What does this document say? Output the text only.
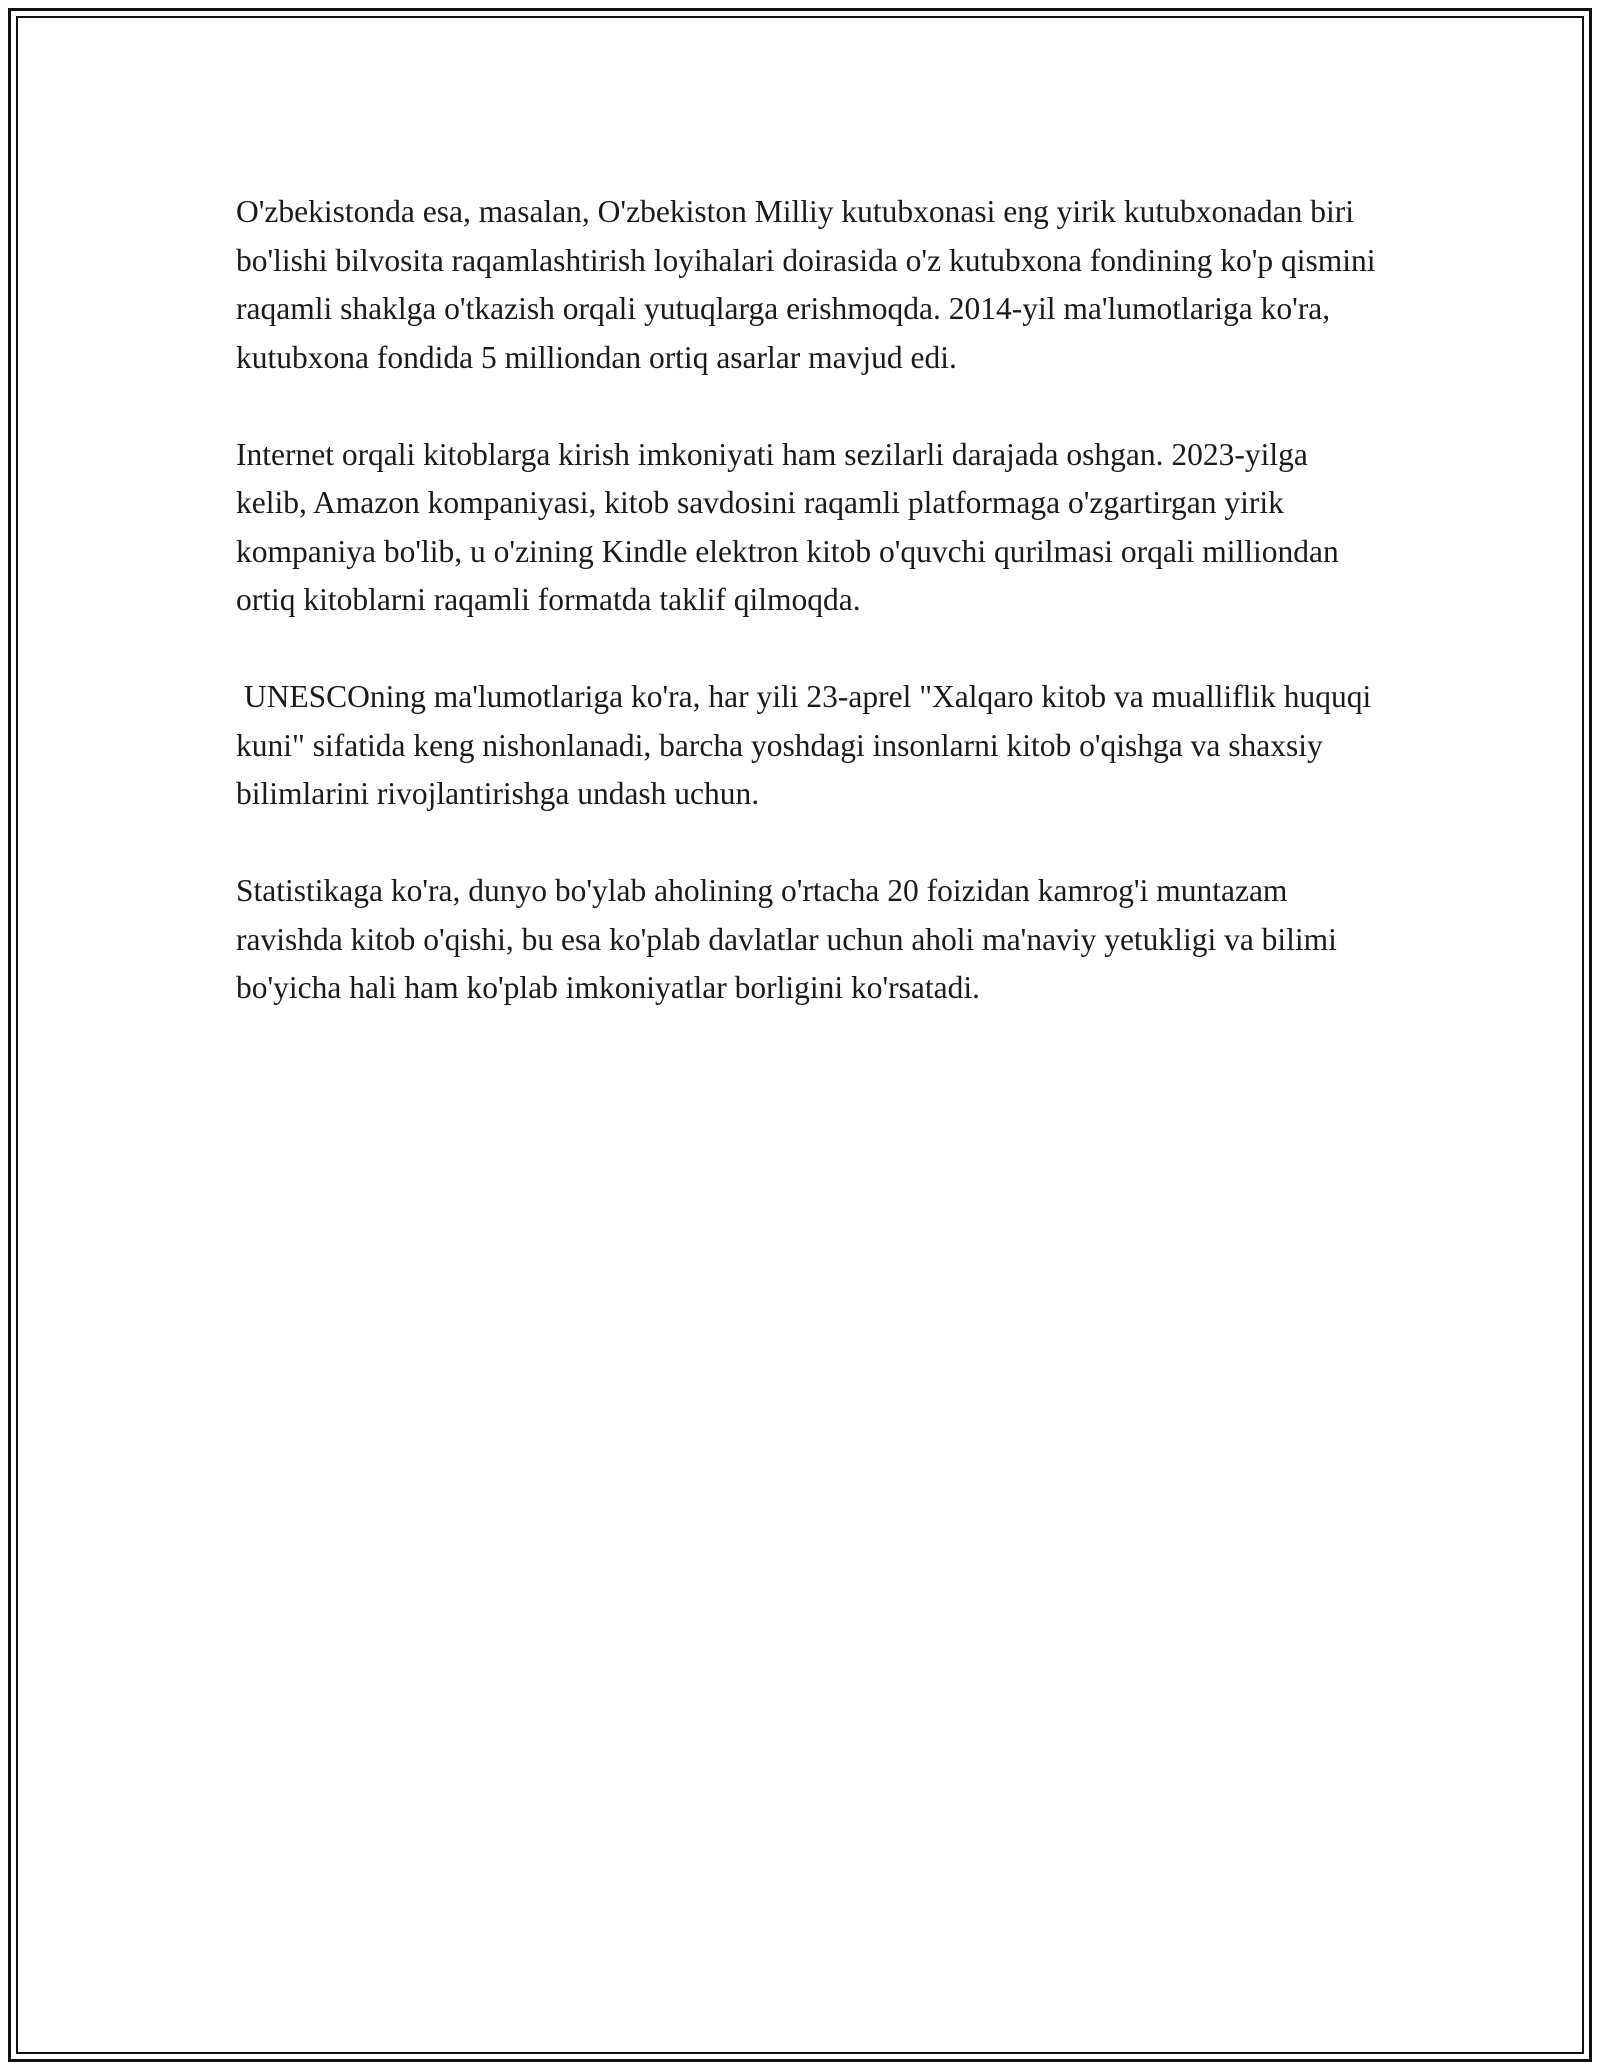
O'zbekistonda esa, masalan, O'zbekiston Milliy kutubxonasi eng yirik kutubxonadan biri bo'lishi bilvosita raqamlashtirish loyihalari doirasida o'z kutubxona fondining ko'p qismini raqamli shaklga o'tkazish orqali yutuqlarga erishmoqda. 2014-yil ma'lumotlariga ko'ra, kutubxona fondida 5 milliondan ortiq asarlar mavjud edi.

Internet orqali kitoblarga kirish imkoniyati ham sezilarli darajada oshgan. 2023-yilga kelib, Amazon kompaniyasi, kitob savdosini raqamli platformaga o'zgartirgan yirik kompaniya bo'lib, u o'zining Kindle elektron kitob o'quvchi qurilmasi orqali milliondan ortiq kitoblarni raqamli formatda taklif qilmoqda.

UNESCOning ma'lumotlariga ko'ra, har yili 23-aprel "Xalqaro kitob va mualliflik huquqi kuni" sifatida keng nishonlanadi, barcha yoshdagi insonlarni kitob o'qishga va shaxsiy bilimlarini rivojlantirishga undash uchun.

Statistikaga ko'ra, dunyo bo'ylab aholining o'rtacha 20 foizidan kamrog'i muntazam ravishda kitob o'qishi, bu esa ko'plab davlatlar uchun aholi ma'naviy yetukligi va bilimi bo'yicha hali ham ko'plab imkoniyatlar borligini ko'rsatadi.
